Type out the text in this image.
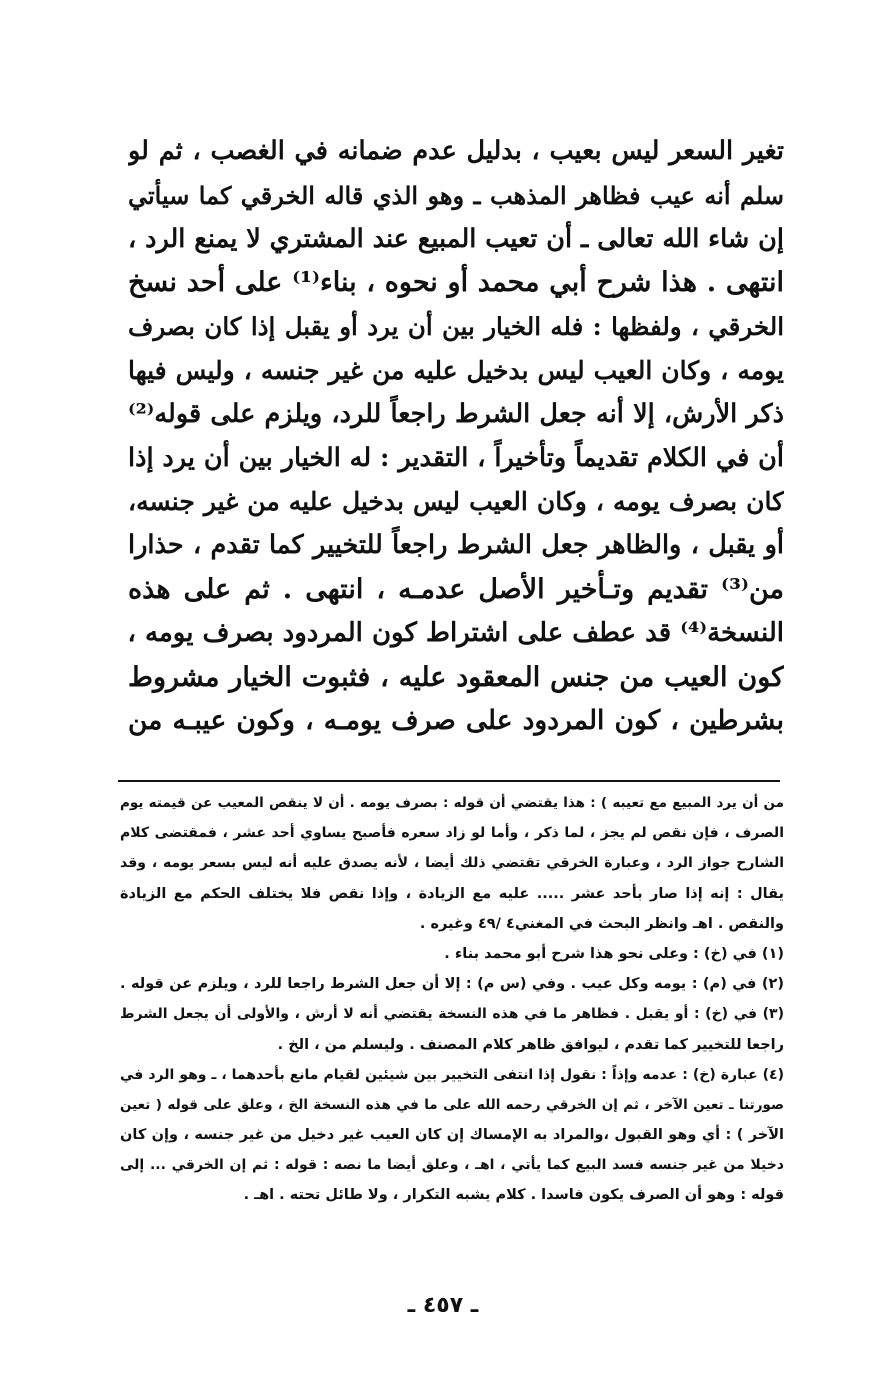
تغير السعر ليس بعيب ، بدليل عدم ضمانه في الغصب ، ثم لو
سلم أنه عيب فظاهر المذهب ـ وهو الذي قاله الخرقي كما سيأتي
إن شاء الله تعالى ـ أن تعيب المبيع عند المشتري لا يمنع الرد ،
انتهى . هذا شرح أبي محمد أو نحوه ، بناء⁽¹⁾ على أحد نسخ
الخرقي ، ولفظها : فله الخيار بين أن يرد أو يقبل إذا كان بصرف
يومه ، وكان العيب ليس بدخيل عليه من غير جنسه ، وليس فيها
ذكر الأرش، إلا أنه جعل الشرط راجعاً للرد، ويلزم على قوله⁽²⁾
أن في الكلام تقديماً وتأخيراً ، التقدير : له الخيار بين أن يرد إذا
كان بصرف يومه ، وكان العيب ليس بدخيل عليه من غير جنسه،
أو يقبل ، والظاهر جعل الشرط راجعاً للتخيير كما تقدم ، حذارا
من⁽³⁾ تقديم وتـأخير الأصل عدمـه ، انتهى . ثم على هذه
النسخة⁽⁴⁾ قد عطف على اشتراط كون المردود بصرف يومه ،
كون العيب من جنس المعقود عليه ، فثبوت الخيار مشروط
بشرطين ، كون المردود على صرف يومـه ، وكون عيبـه من
من أن يرد المبيع مع تعيبه ) : هذا يقتضي أن قوله : بصرف يومه . أن لا ينقص المعيب عن قيمته يوم
الصرف ، فإن نقص لم يجز ، لما ذكر ، وأما لو زاد سعره فأصبح يساوي أحد عشر ، فمقتضى كلام
الشارح جواز الرد ، وعبارة الخرقي تقتضي ذلك أيضا ، لأنه يصدق عليه أنه ليس بسعر يومه ، وقد
يقال : إنه إذا صار بأحد عشر ..... عليه مع الزيادة ، وإذا نقص فلا يختلف الحكم مع الزيادة
والنقص . اهـ وانظر البحث في المغني٤ /٤٩ وغيره .
(١) في (خ) : وعلى نحو هذا شرح أبو محمد بناء .
(٢) في (م) : يومه وكل عيب . وفي (س م) : إلا أن جعل الشرط راجعا للرد ، ويلزم عن قوله .
(٣) في (خ) : أو يقبل . فظاهر ما في هذه النسخة يقتضي أنه لا أرش ، والأولى أن يجعل الشرط
راجعا للتخيير كما تقدم ، ليوافق ظاهر كلام المصنف . وليسلم من ، الخ .
(٤) عبارة (خ) : عدمه وإذاً : نقول إذا انتفى التخيير بين شيئين لقيام مانع بأحدهما ، ـ وهو الرد في
صورتنا ـ تعين الآخر ، ثم إن الخرقي رحمه الله على ما في هذه النسخة الخ ، وعلق على قوله ( تعين
الآخر ) : أي وهو القبول ،والمراد به الإمساك إن كان العيب غير دخيل من غير جنسه ، وإن كان
دخيلا من غير جنسه فسد البيع كما يأتي ، اهـ ، وعلق أيضا ما نصه : قوله : ثم إن الخرقي ... إلى
قوله : وهو أن الصرف يكون فاسدا . كلام يشبه التكرار ، ولا طائل تحته . اهـ .
ـ ٤٥٧ ـ
